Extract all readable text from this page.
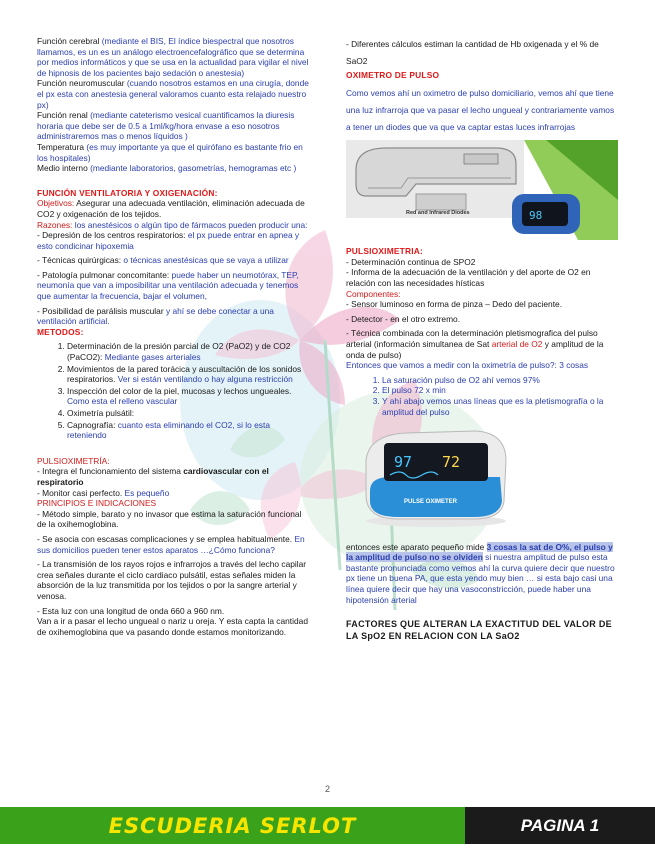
Función cerebral (mediante el BIS, El índice biespectral que nosotros llamamos, es un es un análogo electroencefalográfico que se determina por medios informáticos y que se usa en la actualidad para vigilar el nivel de hipnosis de los pacientes bajo sedación o anestesia)

Función neuromuscular (cuando nosotros estamos en una cirugía, donde el px esta con anestesia general valoramos cuanto esta relajado nuestro px)

Función renal (mediante cateterismo vesical cuantificamos la diuresis horaria que debe ser de 0.5 a 1ml/kg/hora envase a eso nosotros administraremos mas o menos líquidos )

Temperatura (es muy importante ya que el quirófano es bastante frio en los hospitales)

Medio interno (mediante laboratorios, gasometrías, hemogramas etc )

FUNCIÓN VENTILATORIA Y OXIGENACIÓN:

Objetivos: Asegurar una adecuada ventilación, eliminación adecuada de CO2 y oxigenación de los tejidos.

Razones: los anestésicos o algún tipo de fármacos pueden producir una:

- Depresión de los centros respiratorios: el px puede entrar en apnea y esto condicinar hipoxemia

- Técnicas quirúrgicas: o técnicas anestésicas que se vaya a utilizar

- Patología pulmonar concomitante: puede haber un neumotórax, TEP, neumonía que van a imposibilitar una ventilación adecuada y tenemos que aumentar la frecuencia, bajar el volumen,

- Posibilidad de parálisis muscular y ahí se debe conectar a una ventilación artificial.

METODOS:

1. Determinación de la presión parcial de O2 (PaO2) y de CO2 (PaCO2): Mediante gases arteriales
2. Movimientos de la pared torácica y auscultación de los sonidos respiratorios. Ver si están ventilando o hay alguna restricción
3. Inspección del color de la piel, mucosas y lechos ungueales. Como esta el relleno vascular
4. Oximetría pulsátil:
5. Capnografía: cuanto esta eliminando el CO2, si lo esta reteniendo

PULSIOXIMETRÍA:

- Integra el funcionamiento del sistema cardiovascular con el respiratorio

- Monitor casi perfecto. Es pequeño

PRINCIPIOS E INDICACIONES

- Método simple, barato y no invasor que estima la saturación funcional de la oxihemoglobina.

- Se asocia con escasas complicaciones y se emplea habitualmente. En sus domicilios pueden tener estos aparatos …¿Cómo funciona?

- La transmisión de los rayos rojos e infrarrojos a través del lecho capilar crea señales durante el ciclo cardiaco pulsátil, estas señales miden la absorción de la luz transmitida por los tejidos o por la sangre arterial y venosa.

- Esta luz con una longitud de onda 660 a 960 nm.

Van a ir a pasar el lecho ungueal o nariz u oreja. Y esta capta la cantidad de oxihemoglobina que va pasando donde estamos monitorizando.

- Diferentes cálculos estiman la cantidad de Hb oxigenada y el % de SaO2

OXIMETRO DE PULSO

Como vemos ahí un oximetro de pulso domiciliario, vemos ahí que tiene una luz infrarroja que va pasar el lecho ungueal y contrariamente vamos a tener un diodes que va que va captar estas luces infrarrojas

Red and Infrared Diodes	98

PULSIOXIMETRIA:

- Determinación continua de SPO2

- Informa de la adecuación de la ventilación y del aporte de O2 en relación con las necesidades hísticas

Componentes:

- Sensor luminoso en forma de pinza – Dedo del paciente.

- Detector - en el otro extremo.

- Técnica combinada con la determinación pletismografica del pulso arterial (información simultanea de Sat arterial de O2 y amplitud de la onda de pulso)

Entonces que vamos a medir con la oximetría de pulso?: 3 cosas

1. La saturación pulso de O2 ahí vemos 97%
2. El pulso 72 x min
3. Y ahí abajo vemos unas líneas que es la pletismografía o la amplitud del pulso
97 72
PULSE OXIMETER

entonces este aparato pequeño mide 3 cosas la sat de O%, el pulso y la amplitud de pulso no se olviden si nuestra amplitud de pulso esta bastante pronunciada como vemos ahí la curva quiere decir que nuestro px tiene un buena PA, que esta yendo muy bien … si esta bajo casi una línea quiere decir que hay una vasoconstricción, puede haber una hipotensión arterial

FACTORES QUE ALTERAN LA EXACTITUD DEL VALOR DE LA SpO2 EN RELACION CON LA SaO2

2
ESCUDERIA SERLOT	PAGINA 1
